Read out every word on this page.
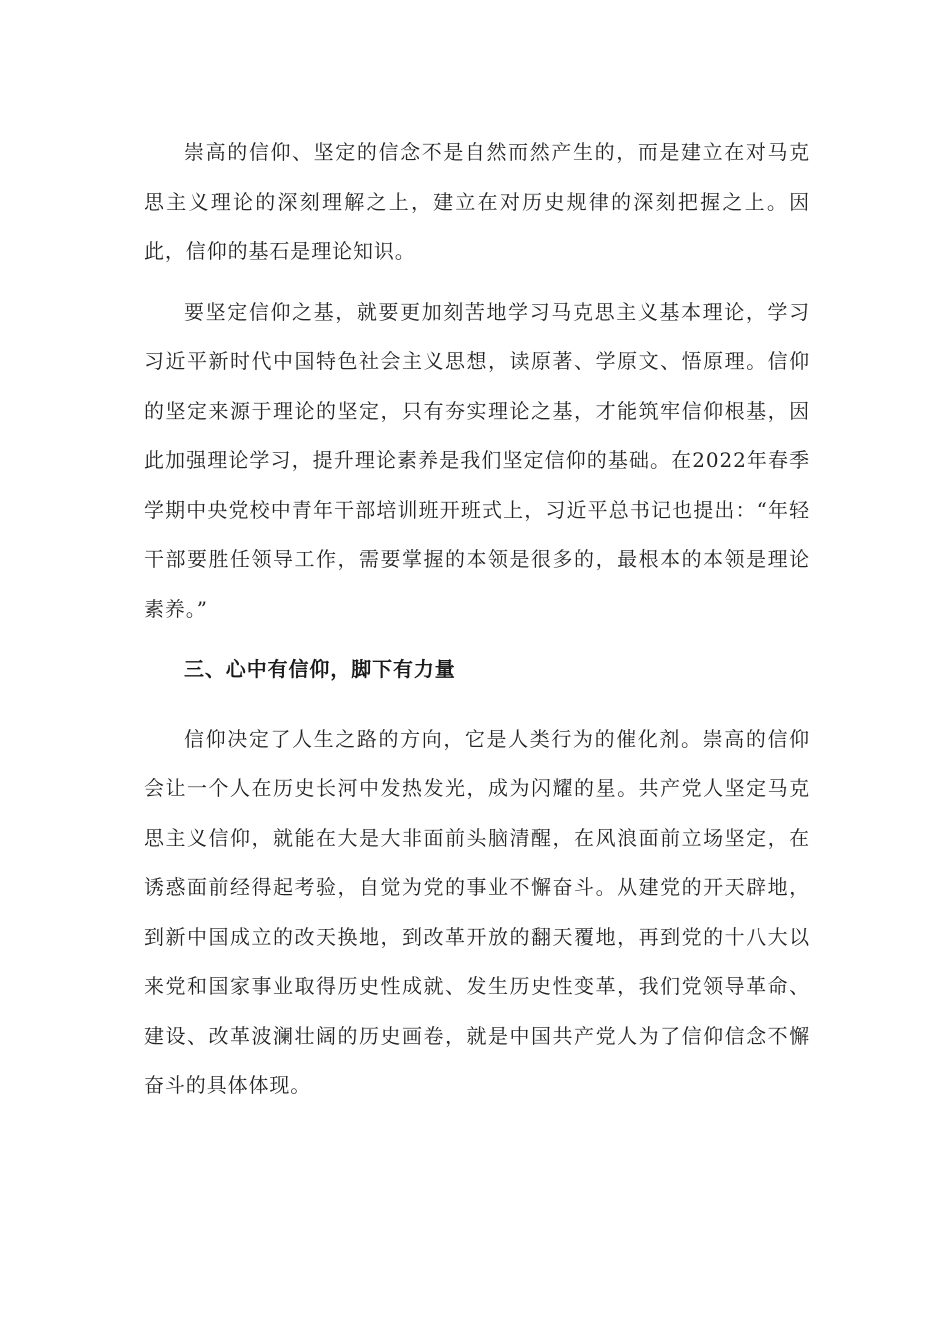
崇高的信仰、坚定的信念不是自然而然产生的，而是建立在对马克思主义理论的深刻理解之上，建立在对历史规律的深刻把握之上。因此，信仰的基石是理论知识。

要坚定信仰之基，就要更加刻苦地学习马克思主义基本理论，学习习近平新时代中国特色社会主义思想，读原著、学原文、悟原理。信仰的坚定来源于理论的坚定，只有夯实理论之基，才能筑牢信仰根基，因此加强理论学习，提升理论素养是我们坚定信仰的基础。在2022年春季学期中央党校中青年干部培训班开班式上，习近平总书记也提出：“年轻干部要胜任领导工作，需要掌握的本领是很多的，最根本的本领是理论素养。”

三、心中有信仰，脚下有力量

信仰决定了人生之路的方向，它是人类行为的催化剂。崇高的信仰会让一个人在历史长河中发热发光，成为闪耀的星。共产党人坚定马克思主义信仰，就能在大是大非面前头脑清醒，在风浪面前立场坚定，在诱惑面前经得起考验，自觉为党的事业不懈奋斗。从建党的开天辟地，到新中国成立的改天换地，到改革开放的翻天覆地，再到党的十八大以来党和国家事业取得历史性成就、发生历史性变革，我们党领导革命、建设、改革波澜壮阔的历史画卷，就是中国共产党人为了信仰信念不懈奋斗的具体体现。
